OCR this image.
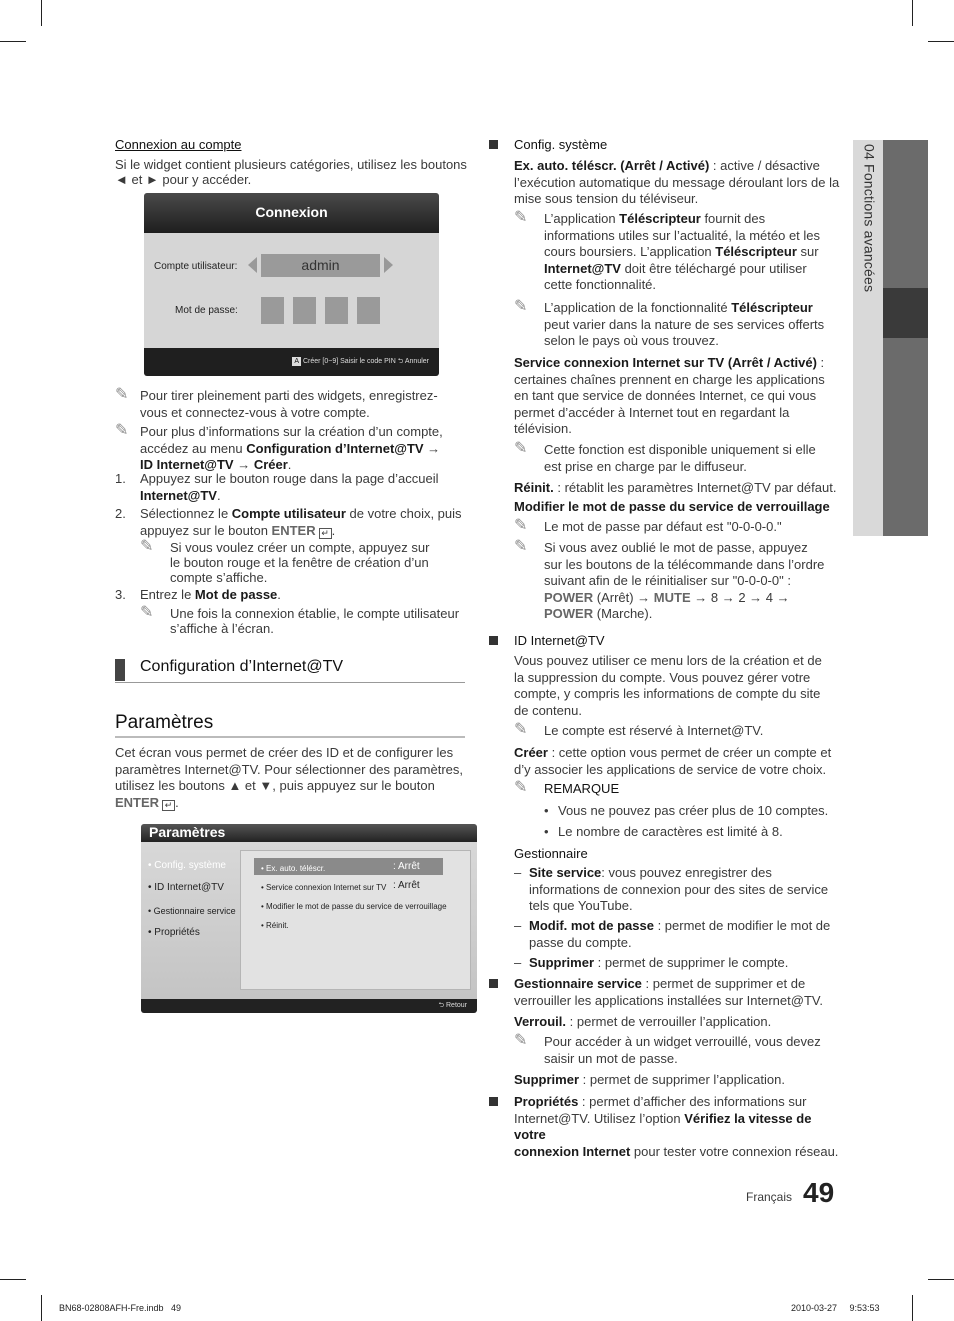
04 Fonctions avancées
Connexion au compte
Si le widget contient plusieurs catégories, utilisez les boutons
◄ et ► pour y accéder.
Connexion
Compte utilisateur:	admin
Mot de passe:
A Créer [0~9] Saisir le code PIN ⮌ Annuler
✎ Pour tirer pleinement parti des widgets, enregistrez-
vous et connectez-vous à votre compte.
✎ Pour plus d’informations sur la création d’un compte,
accédez au menu Configuration d’Internet@TV →
ID Internet@TV → Créer.
1. Appuyez sur le bouton rouge dans la page d’accueil
Internet@TV.
2. Sélectionnez le Compte utilisateur de votre choix, puis
appuyez sur le bouton ENTER ↵ .
✎ Si vous voulez créer un compte, appuyez sur
le bouton rouge et la fenêtre de création d’un
compte s’affiche.
3. Entrez le Mot de passe.
✎ Une fois la connexion établie, le compte utilisateur
s’affiche à l’écran.
Configuration d’Internet@TV
Paramètres
Cet écran vous permet de créer des ID et de configurer les
paramètres Internet@TV. Pour sélectionner des paramètres,
utilisez les boutons ▲ et ▼, puis appuyez sur le bouton
ENTER ↵ .
Paramètres
• Config. système
• ID Internet@TV
• Gestionnaire service
• Propriétés
• Ex. auto. téléscr.	: Arrêt
• Service connexion Internet sur TV : Arrêt
• Modifier le mot de passe du service de verrouillage
• Réinit.
⮌ Retour
Config. système
Ex. auto. téléscr. (Arrêt / Activé) : active / désactive
l’exécution automatique du message déroulant lors de la
mise sous tension du téléviseur.
✎ L’application Téléscripteur fournit des
informations utiles sur l’actualité, la météo et les
cours boursiers. L’application Téléscripteur sur
Internet@TV doit être téléchargé pour utiliser
cette fonctionnalité.
✎ L’application de la fonctionnalité Téléscripteur
peut varier dans la nature de ses services offerts
selon le pays où vous trouvez.
Service connexion Internet sur TV (Arrêt / Activé) :
certaines chaînes prennent en charge les applications
en tant que service de données Internet, ce qui vous
permet d’accéder à Internet tout en regardant la
télévision.
✎ Cette fonction est disponible uniquement si elle
est prise en charge par le diffuseur.
Réinit. : rétablit les paramètres Internet@TV par défaut.
Modifier le mot de passe du service de verrouillage
✎ Le mot de passe par défaut est "0-0-0-0."
✎ Si vous avez oublié le mot de passe, appuyez
sur les boutons de la télécommande dans l’ordre
suivant afin de le réinitialiser sur "0-0-0-0" :
POWER (Arrêt) → MUTE → 8 → 2 → 4 →
POWER (Marche).
ID Internet@TV
Vous pouvez utiliser ce menu lors de la création et de
la suppression du compte. Vous pouvez gérer votre
compte, y compris les informations de compte du site
de contenu.
✎ Le compte est réservé à Internet@TV.
Créer : cette option vous permet de créer un compte et
d’y associer les applications de service de votre choix.
✎ REMARQUE
• Vous ne pouvez pas créer plus de 10 comptes.
• Le nombre de caractères est limité à 8.
Gestionnaire
– Site service: vous pouvez enregistrer des
informations de connexion pour des sites de service
tels que YouTube.
– Modif. mot de passe : permet de modifier le mot de
passe du compte.
– Supprimer : permet de supprimer le compte.
Gestionnaire service : permet de supprimer et de
verrouiller les applications installées sur Internet@TV.
Verrouil. : permet de verrouiller l’application.
✎ Pour accéder à un widget verrouillé, vous devez
saisir un mot de passe.
Supprimer : permet de supprimer l’application.
Propriétés : permet d’afficher des informations sur
Internet@TV. Utilisez l’option Vérifiez la vitesse de votre
connexion Internet pour tester votre connexion réseau.
Français 49
BN68-02808AFH-Fre.indb   49	2010-03-27     9:53:53
